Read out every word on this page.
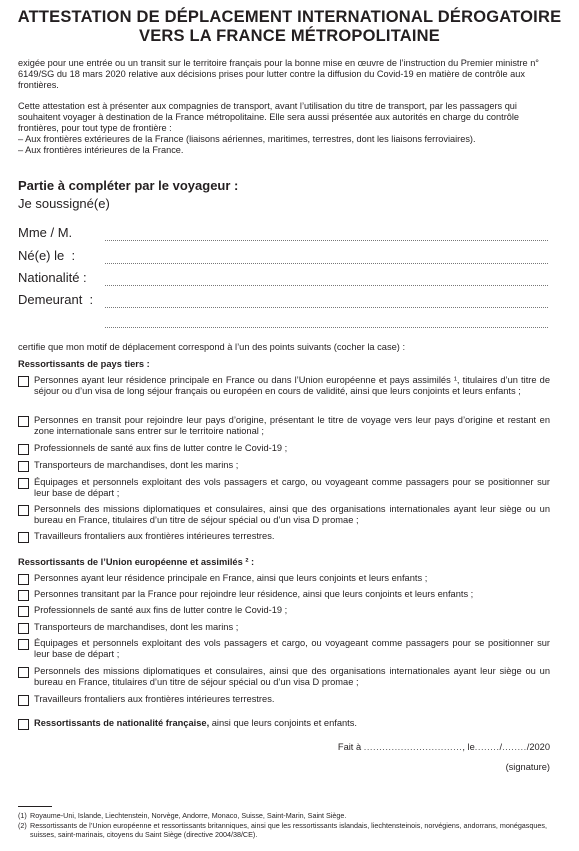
ATTESTATION DE DÉPLACEMENT INTERNATIONAL DÉROGATOIRE
VERS LA FRANCE MÉTROPOLITAINE
exigée pour une entrée ou un transit sur le territoire français pour la bonne mise en œuvre de l’instruction du Premier ministre n° 6149/SG du 18 mars 2020 relative aux décisions prises pour lutter contre la diffusion du Covid-19 en matière de contrôle aux frontières.
Cette attestation est à présenter aux compagnies de transport, avant l’utilisation du titre de transport, par les passagers qui souhaitent voyager à destination de la France métropolitaine. Elle sera aussi présentée aux autorités en charge du contrôle frontières, pour tout type de frontière :
– Aux frontières extérieures de la France (liaisons aériennes, maritimes, terrestres, dont les liaisons ferroviaires).
– Aux frontières intérieures de la France.
Partie à compléter par le voyageur :
Je soussigné(e)
Mme / M.
Né(e) le  :
Nationalité :
Demeurant  :
certifie que mon motif de déplacement correspond à l’un des points suivants (cocher la case) :
Ressortissants de pays tiers :
Personnes ayant leur résidence principale en France ou dans l’Union européenne et pays assimilés ¹, titulaires d’un titre de séjour ou d’un visa de long séjour français ou européen en cours de validité, ainsi que leurs conjoints et leurs enfants ;
Personnes en transit pour rejoindre leur pays d’origine, présentant le titre de voyage vers leur pays d’origine et restant en zone internationale sans entrer sur le territoire national ;
Professionnels de santé aux fins de lutter contre le Covid-19 ;
Transporteurs de marchandises, dont les marins ;
Équipages et personnels exploitant des vols passagers et cargo, ou voyageant comme passagers pour se positionner sur leur base de départ ;
Personnels des missions diplomatiques et consulaires, ainsi que des organisations internationales ayant leur siège ou un bureau en France, titulaires d’un titre de séjour spécial ou d’un visa D promae ;
Travailleurs frontaliers aux frontières intérieures terrestres.
Ressortissants de l’Union européenne et assimilés ² :
Personnes ayant leur résidence principale en France, ainsi que leurs conjoints et leurs enfants ;
Personnes transitant par la France pour rejoindre leur résidence, ainsi que leurs conjoints et leurs enfants ;
Professionnels de santé aux fins de lutter contre le Covid-19 ;
Transporteurs de marchandises, dont les marins ;
Équipages et personnels exploitant des vols passagers et cargo, ou voyageant comme passagers pour se positionner sur leur base de départ ;
Personnels des missions diplomatiques et consulaires, ainsi que des organisations internationales ayant leur siège ou un bureau en France, titulaires d’un titre de séjour spécial ou d’un visa D promae ;
Travailleurs frontaliers aux frontières intérieures terrestres.
Ressortissants de nationalité française, ainsi que leurs conjoints et enfants.
Fait à ................................, le......../......../2020
(signature)
(1) Royaume-Uni, Islande, Liechtenstein, Norvège, Andorre, Monaco, Suisse, Saint-Marin, Saint Siège.
(2) Ressortissants de l’Union européenne et ressortissants britanniques, ainsi que les ressortissants islandais, liechtensteinois, norvégiens, andorrans, monégasques, suisses, saint-marinais, citoyens du Saint Siège (directive 2004/38/CE).
